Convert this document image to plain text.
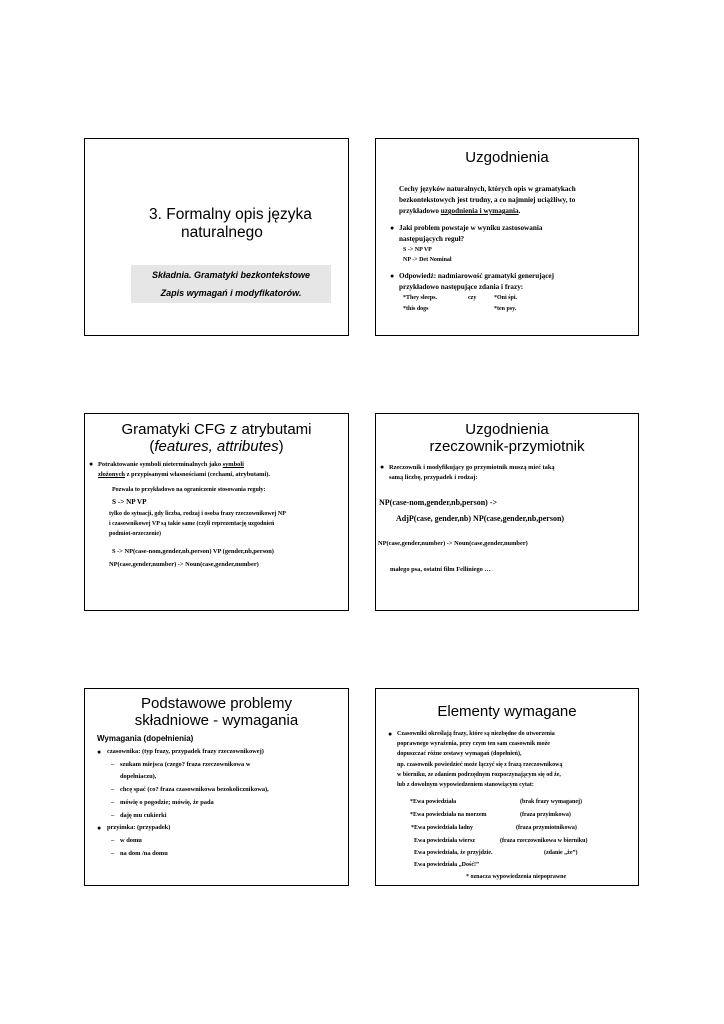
3. Formalny opis języka
naturalnego
Składnia. Gramatyki bezkontekstowe
Zapis wymagań i modyfikatorów.
Uzgodnienia
Cechy języków naturalnych, których opis w gramatykach
bezkontekstowych jest trudny, a co najmniej uciążliwy, to
przykładowo uzgodnienia i wymagania.
● Jaki problem powstaje w wyniku zastosowania
następujących reguł?
S -> NP VP
NP -> Det Nominal
● Odpowiedź: nadmiarowość gramatyki generującej
przykładowo następujące zdania i frazy:
*They sleeps.	czy	*Oni śpi.
*this dogs	*ten psy.
Gramatyki CFG z atrybutami
(features, attributes)
● Potraktowanie symboli nieterminalnych jako symboli
złożonych z przypisanymi własnościami (cechami, atrybutami).
Pozwala to przykładowo na ograniczenie stosowania reguły:
S -> NP VP
tylko do sytuacji, gdy liczba, rodzaj i osoba frazy rzeczownikowej NP
i czasownikowej VP są takie same (czyli reprezentację uzgodnień
podmiot-orzeczenie)
S -> NP(case-nom,gender,nb,person) VP (gender,nb,person)
NP(case,gender,number) -> Noun(case,gender,number)
Uzgodnienia
rzeczownik-przymiotnik
● Rzeczownik i modyfikujący go przymiotnik muszą mieć taką
samą liczbę, przypadek i rodzaj:
NP(case-nom,gender,nb,person) ->
AdjP(case, gender,nb) NP(case,gender,nb,person)
NP(case,gender,number) -> Noun(case,gender,number)
małego psa, ostatni film Felliniego …
Podstawowe problemy
składniowe - wymagania
Wymagania (dopełnienia)
● czasownika: (typ frazy, przypadek frazy rzeczownikowej)
– szukam miejsca (czego? fraza rzeczownikowa w
dopełniaczu),
– chcę spać (co? fraza czasownikowa bezokolicznikowa),
– mówię o pogodzie; mówię, że pada
– daję mu cukierki
● przyimka: (przypadek)
– w domu
– na dom /na domu
Elementy wymagane
● Czasowniki określają frazy, które są niezbędne do utworzenia
poprawnego wyrażenia, przy czym ten sam czasownik może
dopuszczać różne zestawy wymagań (dopełnień),
np. czasownik powiedzieć może łączyć się z frazą rzeczownikową
w bierniku, ze zdaniem podrzędnym rozpoczynającym się od że,
lub z dowolnym wypowiedzeniem stanowiącym cytat:
*Ewa powiedziała	(brak frazy wymaganej)
*Ewa powiedziała na morzem	(fraza przyimkowa)
*Ewa powiedziała ładny	(fraza przymiotnikowa)
Ewa powiedziała wiersz	(fraza rzeczownikowa w bierniku)
Ewa powiedziała, że przyjdzie.	(zdanie „że”)
Ewa powiedziała „Dość!”
* oznacza wypowiedzenia niepoprawne
